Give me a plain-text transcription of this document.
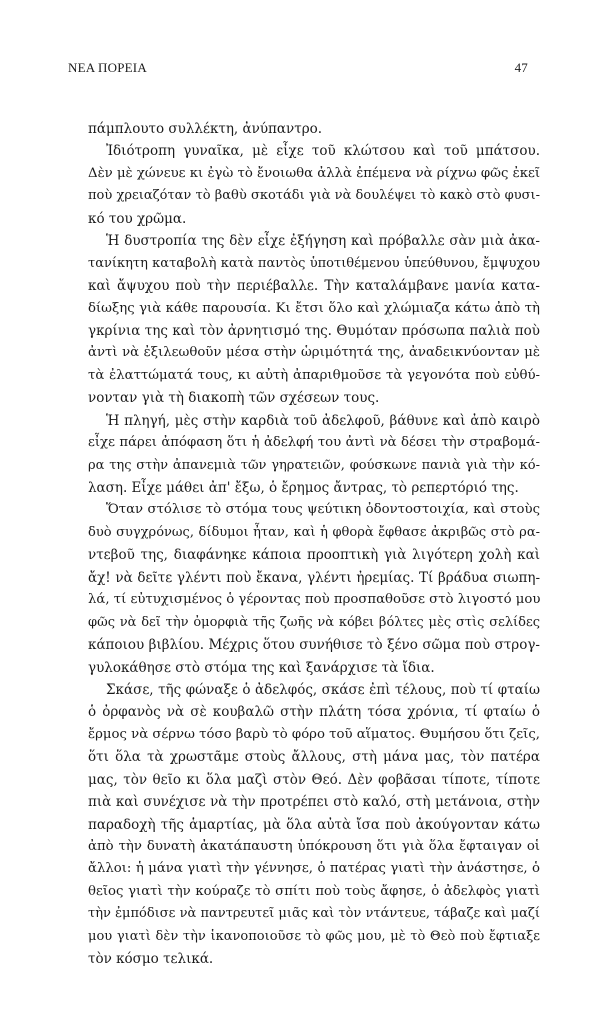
ΝΕΑ ΠΟΡΕΙΑ	47
πάμπλουτο συλλέκτη, ἀνύπαντρο.
Ἰδιότροπη γυναῖκα, μὲ εἶχε τοῦ κλώτσου καὶ τοῦ μπάτσου.
Δὲν μὲ χώνευε κι ἐγὼ τὸ ἔνοιωθα ἀλλὰ ἐπέμενα νὰ ρίχνω φῶς ἐκεῖ
ποὺ χρειαζόταν τὸ βαθὺ σκοτάδι γιὰ νὰ δουλέψει τὸ κακὸ στὸ φυσι-
κό του χρῶμα.
Ἡ δυστροπία της δὲν εἶχε ἐξήγηση καὶ πρόβαλλε σὰν μιὰ ἀκα-
τανίκητη καταβολὴ κατὰ παντὸς ὑποτιθέμενου ὑπεύθυνου, ἔμψυχου
καὶ ἄψυχου ποὺ τὴν περιέβαλλε. Τὴν καταλάμβανε μανία κατα-
δίωξης γιὰ κάθε παρουσία. Κι ἔτσι ὅλο καὶ χλώμιαζα κάτω ἀπὸ τὴ
γκρίνια της καὶ τὸν ἀρνητισμό της. Θυμόταν πρόσωπα παλιὰ ποὺ
ἀντὶ νὰ ἐξιλεωθοῦν μέσα στὴν ὡριμότητά της, ἀναδεικνύονταν μὲ
τὰ ἐλαττώματά τους, κι αὐτὴ ἀπαριθμοῦσε τὰ γεγονότα ποὺ εὐθύ-
νονταν γιὰ τὴ διακοπὴ τῶν σχέσεων τους.
Ἡ πληγή, μὲς στὴν καρδιὰ τοῦ ἀδελφοῦ, βάθυνε καὶ ἀπὸ καιρὸ
εἶχε πάρει ἀπόφαση ὅτι ἡ ἀδελφή του ἀντὶ νὰ δέσει τὴν στραβομά-
ρα της στὴν ἀπανεμιὰ τῶν γηρατειῶν, φούσκωνε πανιὰ γιὰ τὴν κό-
λαση. Εἶχε μάθει ἀπ' ἔξω, ὁ ἔρημος ἄντρας, τὸ ρεπερτόριό της.
Ὅταν στόλισε τὸ στόμα τους ψεύτικη ὀδοντοστοιχία, καὶ στοὺς
δυὸ συγχρόνως, δίδυμοι ἦταν, καὶ ἡ φθορὰ ἔφθασε ἀκριβῶς στὸ ρα-
ντεβοῦ της, διαφάνηκε κάποια προοπτικὴ γιὰ λιγότερη χολὴ καὶ
ἄχ! νὰ δεῖτε γλέντι ποὺ ἔκανα, γλέντι ἠρεμίας. Τί βράδυα σιωπη-
λά, τί εὐτυχισμένος ὁ γέροντας ποὺ προσπαθοῦσε στὸ λιγοστό μου
φῶς νὰ δεῖ τὴν ὀμορφιὰ τῆς ζωῆς νὰ κόβει βόλτες μὲς στὶς σελίδες
κάποιου βιβλίου. Μέχρις ὅτου συνήθισε τὸ ξένο σῶμα ποὺ στρογ-
γυλοκάθησε στὸ στόμα της καὶ ξανάρχισε τὰ ἴδια.
Σκάσε, τῆς φώναξε ὁ ἀδελφός, σκάσε ἐπὶ τέλους, ποὺ τί φταίω
ὁ ὀρφανὸς νὰ σὲ κουβαλῶ στὴν πλάτη τόσα χρόνια, τί φταίω ὁ
ἔρμος νὰ σέρνω τόσο βαρὺ τὸ φόρο τοῦ αἵματος. Θυμήσου ὅτι ζεῖς,
ὅτι ὅλα τὰ χρωστᾶμε στοὺς ἄλλους, στὴ μάνα μας, τὸν πατέρα
μας, τὸν θεῖο κι ὅλα μαζὶ στὸν Θεό. Δὲν φοβᾶσαι τίποτε, τίποτε
πιὰ καὶ συνέχισε νὰ τὴν προτρέπει στὸ καλό, στὴ μετάνοια, στὴν
παραδοχὴ τῆς ἁμαρτίας, μὰ ὅλα αὐτὰ ἴσα ποὺ ἀκούγονταν κάτω
ἀπὸ τὴν δυνατὴ ἀκατάπαυστη ὑπόκρουση ὅτι γιὰ ὅλα ἔφταιγαν οἱ
ἄλλοι: ἡ μάνα γιατὶ τὴν γέννησε, ὁ πατέρας γιατὶ τὴν ἀνάστησε, ὁ
θεῖος γιατὶ τὴν κούραζε τὸ σπίτι ποὺ τοὺς ἄφησε, ὁ ἀδελφὸς γιατὶ
τὴν ἐμπόδισε νὰ παντρευτεῖ μιᾶς καὶ τὸν ντάντευε, τάβαζε καὶ μαζί
μου γιατὶ δὲν τὴν ἱκανοποιοῦσε τὸ φῶς μου, μὲ τὸ Θεὸ ποὺ ἔφτιαξε
τὸν κόσμο τελικά.
